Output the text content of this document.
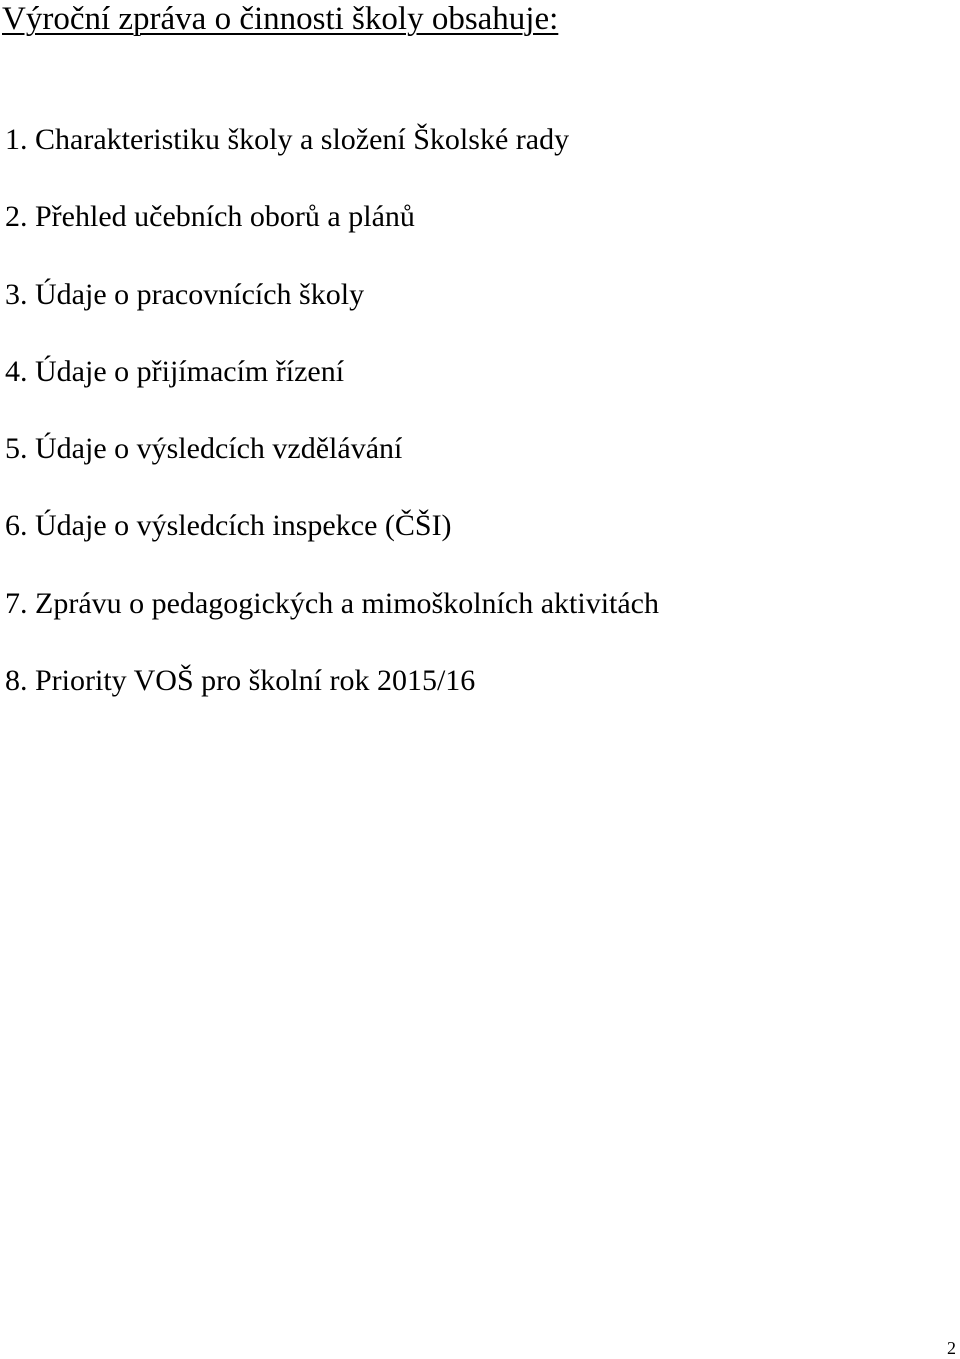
Výroční zpráva o činnosti školy obsahuje:
1. Charakteristiku školy a složení Školské rady
2. Přehled učebních oborů a plánů
3. Údaje o pracovnících školy
4. Údaje o přijímacím řízení
5. Údaje o výsledcích vzdělávání
6. Údaje o výsledcích inspekce (ČŠI)
7. Zprávu o pedagogických a mimoškolních aktivitách
8. Priority VOŠ pro školní rok 2015/16
2
